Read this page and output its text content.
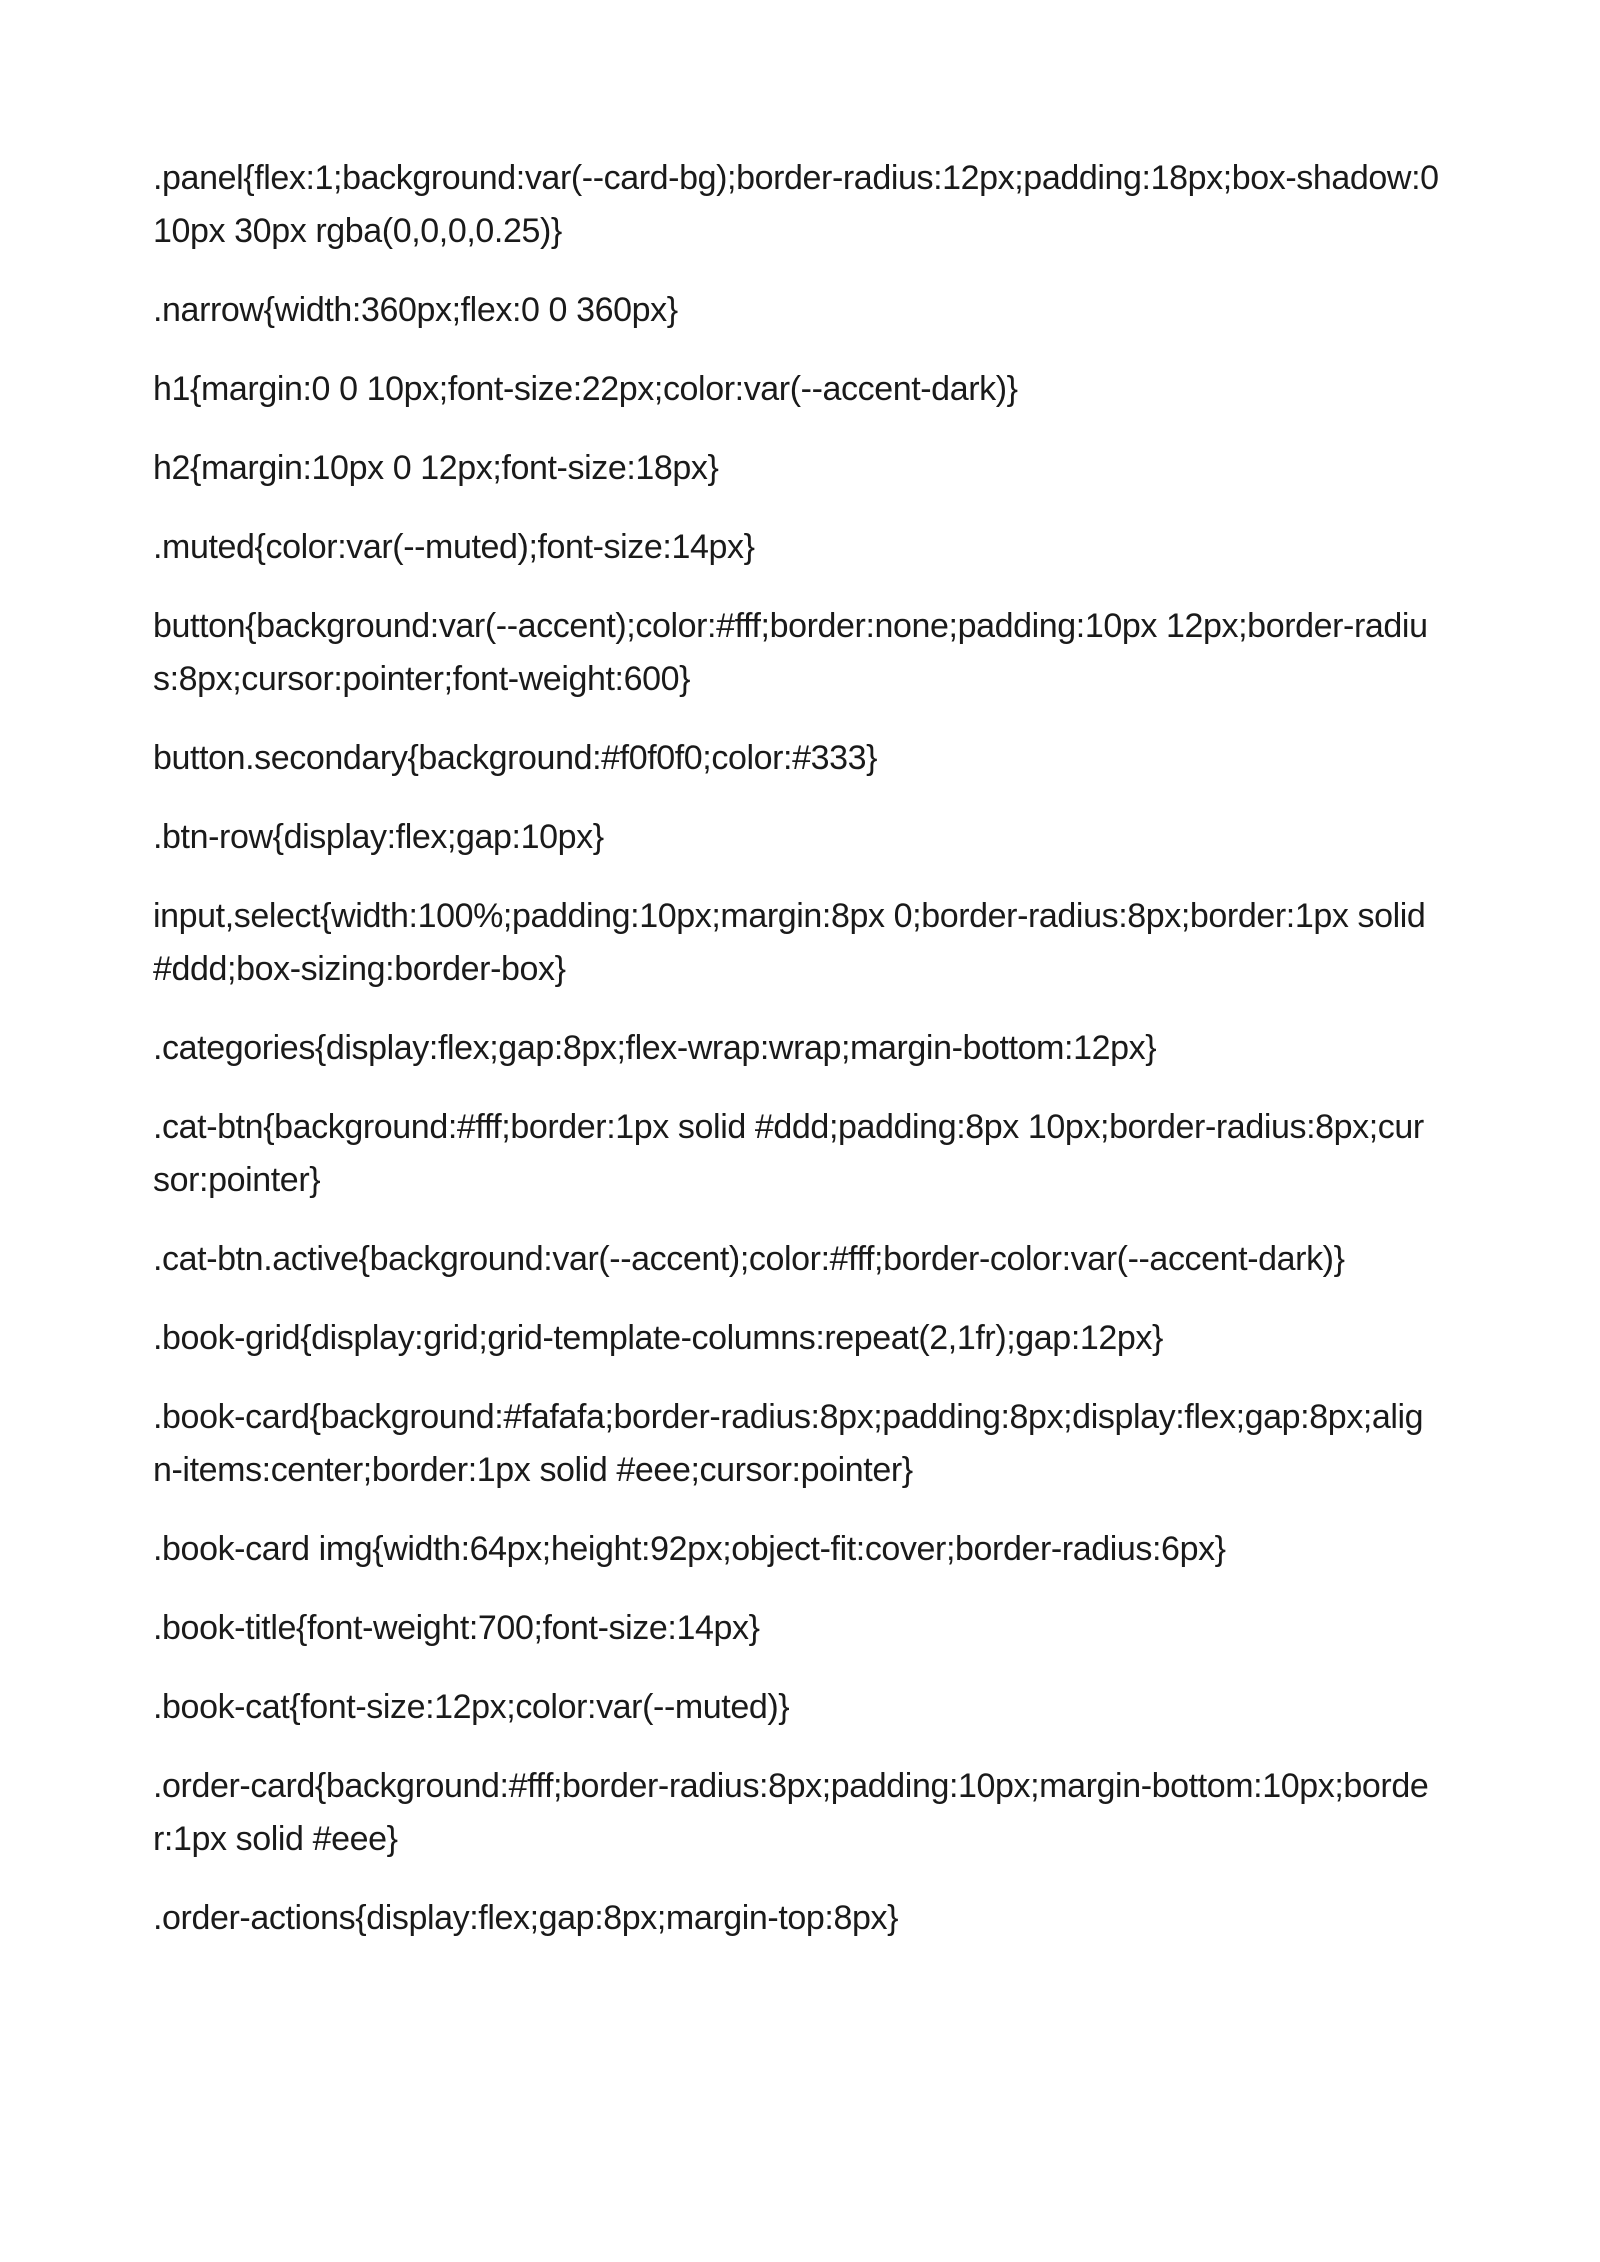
.panel{flex:1;background:var(--card-bg);border-radius:12px;padding:18px;box-shadow:0 10px 30px rgba(0,0,0,0.25)}

.narrow{width:360px;flex:0 0 360px}

h1{margin:0 0 10px;font-size:22px;color:var(--accent-dark)}

h2{margin:10px 0 12px;font-size:18px}

.muted{color:var(--muted);font-size:14px}

button{background:var(--accent);color:#fff;border:none;padding:10px 12px;border-radius:8px;cursor:pointer;font-weight:600}

button.secondary{background:#f0f0f0;color:#333}

.btn-row{display:flex;gap:10px}

input,select{width:100%;padding:10px;margin:8px 0;border-radius:8px;border:1px solid #ddd;box-sizing:border-box}

.categories{display:flex;gap:8px;flex-wrap:wrap;margin-bottom:12px}

.cat-btn{background:#fff;border:1px solid #ddd;padding:8px 10px;border-radius:8px;cursor:pointer}

.cat-btn.active{background:var(--accent);color:#fff;border-color:var(--accent-dark)}

.book-grid{display:grid;grid-template-columns:repeat(2,1fr);gap:12px}

.book-card{background:#fafafa;border-radius:8px;padding:8px;display:flex;gap:8px;align-items:center;border:1px solid #eee;cursor:pointer}

.book-card img{width:64px;height:92px;object-fit:cover;border-radius:6px}

.book-title{font-weight:700;font-size:14px}

.book-cat{font-size:12px;color:var(--muted)}

.order-card{background:#fff;border-radius:8px;padding:10px;margin-bottom:10px;border:1px solid #eee}

.order-actions{display:flex;gap:8px;margin-top:8px}
